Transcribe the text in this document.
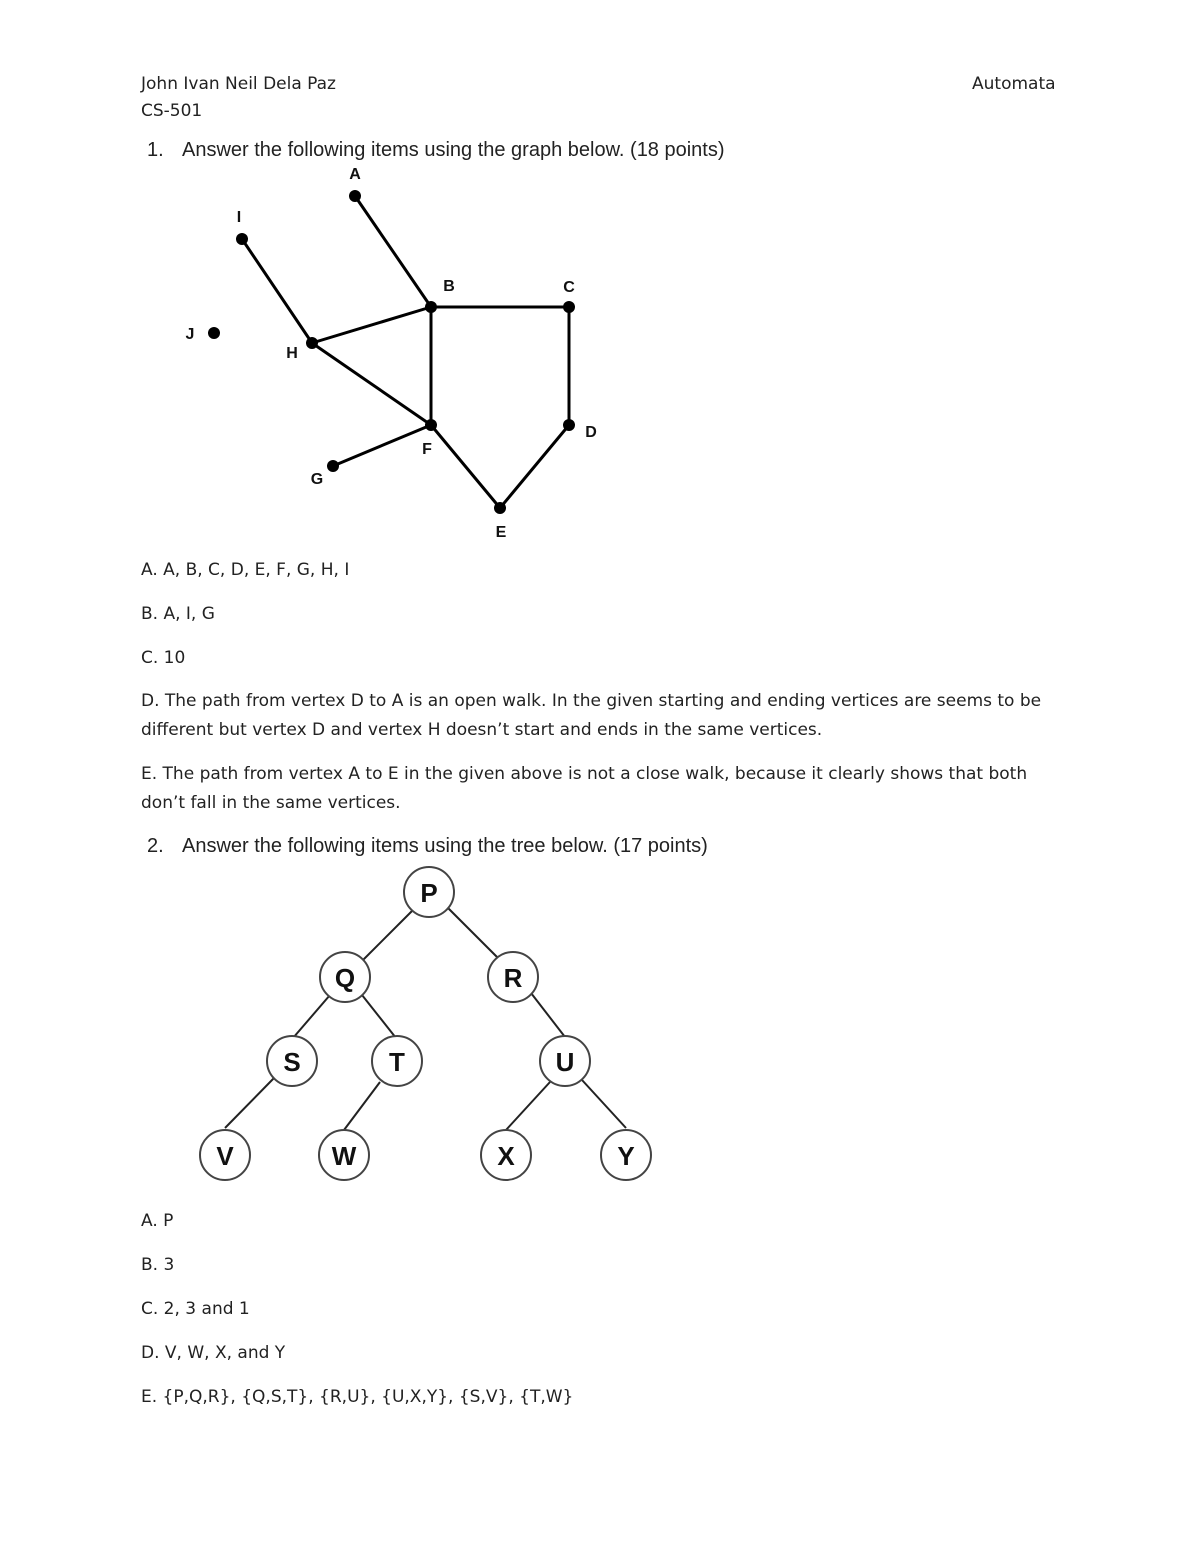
John Ivan Neil Dela Paz
CS-501
Automata
1. Answer the following items using the graph below. (18 points)
A
B	C
D
E
F
G
H
I
J
A. A, B, C, D, E, F, G, H, I
B. A, I, G
C. 10
D. The path from vertex D to A is an open walk. In the given starting and ending vertices are seems to be different but vertex D and vertex H doesn’t start and ends in the same vertices.
E. The path from vertex A to E in the given above is not a close walk, because it clearly shows that both don’t fall in the same vertices.
2. Answer the following items using the tree below. (17 points)
P
Q	R
S	T	U
V	W	X	Y
A. P
B. 3
C. 2, 3 and 1
D. V, W, X, and Y
E. {P,Q,R}, {Q,S,T}, {R,U}, {U,X,Y}, {S,V}, {T,W}
